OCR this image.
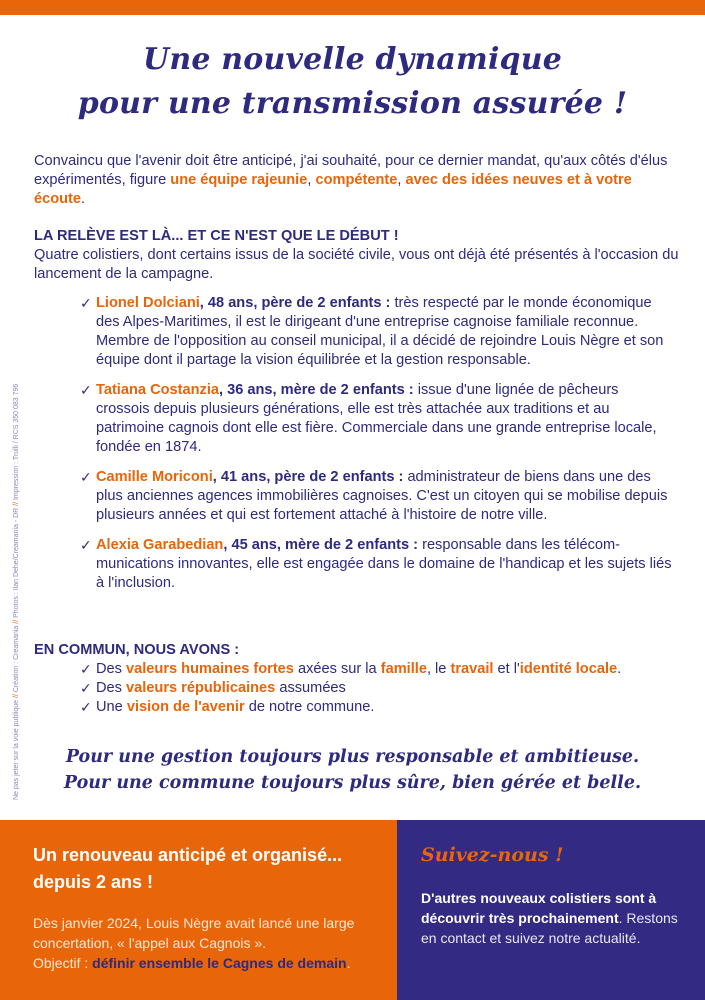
Une nouvelle dynamique
pour une transmission assurée !
Convaincu que l'avenir doit être anticipé, j'ai souhaité, pour ce dernier mandat, qu'aux côtés d'élus expérimentés, figure une équipe rajeunie, compétente, avec des idées neuves et à votre écoute.
LA RELÈVE EST LÀ... ET CE N'EST QUE LE DÉBUT !
Quatre colistiers, dont certains issus de la société civile, vous ont déjà été présentés à l'occasion du lancement de la campagne.
✓ Lionel Dolciani, 48 ans, père de 2 enfants : très respecté par le monde économique des Alpes-Maritimes, il est le dirigeant d'une entreprise cagnoise familiale reconnue. Membre de l'opposition au conseil municipal, il a décidé de rejoindre Louis Nègre et son équipe dont il partage la vision équilibrée et la gestion responsable.
✓ Tatiana Costanzia, 36 ans, mère de 2 enfants : issue d'une lignée de pêcheurs crossois depuis plusieurs générations, elle est très attachée aux traditions et au patrimoine cagnois dont elle est fière. Commerciale dans une grande entreprise locale, fondée en 1874.
✓ Camille Moriconi, 41 ans, père de 2 enfants : administrateur de biens dans une des plus anciennes agences immobilières cagnoises. C'est un citoyen qui se mobilise depuis plusieurs années et qui est fortement attaché à l'histoire de notre ville.
✓ Alexia Garabedian, 45 ans, mère de 2 enfants : responsable dans les télécom-munications innovantes, elle est engagée dans le domaine de l'handicap et les sujets liés à l'inclusion.
EN COMMUN, NOUS AVONS :
✓ Des valeurs humaines fortes axées sur la famille, le travail et l'identité locale.
✓ Des valeurs républicaines assumées
✓ Une vision de l'avenir de notre commune.
Pour une gestion toujours plus responsable et ambitieuse.
Pour une commune toujours plus sûre, bien gérée et belle.
Ne pas jeter sur la voie publique // Création : Creamania // Photos : Ilan Dehe/Creamania - DR // Impression : Trulli / RCS 350 083 796
Un renouveau anticipé et organisé...
depuis 2 ans !
Dès janvier 2024, Louis Nègre avait lancé une large concertation, « l'appel aux Cagnois ».
Objectif : définir ensemble le Cagnes de demain.
Suivez-nous !
D'autres nouveaux colistiers sont à découvrir très prochainement. Restons en contact et suivez notre actualité.
